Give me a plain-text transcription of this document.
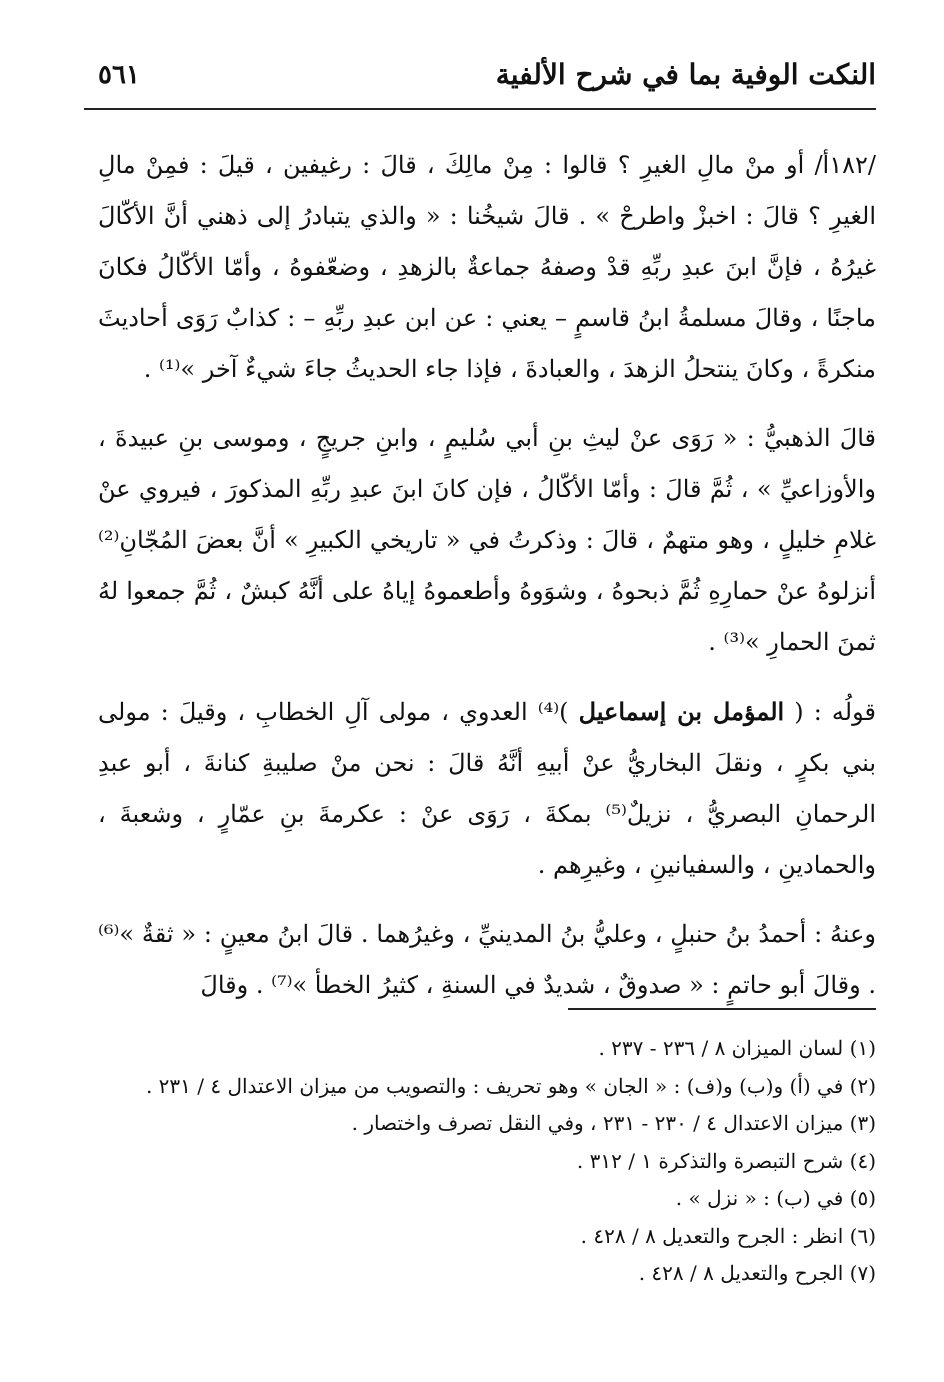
النكت الوفية بما في شرح الألفية
٥٦١

/١٨٢أ/ أو منْ مالِ الغيرِ ؟ قالوا : مِنْ مالِكَ ، قالَ : رغيفين ، قيلَ : فمِنْ مالِ الغيرِ ؟ قالَ : اخبزْ واطرحْ » . قالَ شيخُنا : « والذي يتبادرُ إلى ذهني أنَّ الأكّالَ غيرُهُ ، فإنَّ ابنَ عبدِ ربِّهِ قدْ وصفهُ جماعةٌ بالزهدِ ، وضعّفوهُ ، وأمّا الأكّالُ فكانَ ماجنًا ، وقالَ مسلمةُ ابنُ قاسمٍ – يعني : عن ابن عبدِ ربِّهِ – : كذابٌ رَوَى أحاديثَ منكرةً ، وكانَ ينتحلُ الزهدَ ، والعبادةَ ، فإذا جاء الحديثُ جاءَ شيءٌ آخر »⁽¹⁾ .

قالَ الذهبيُّ : « رَوَى عنْ ليثِ بنِ أبي سُليمٍ ، وابنِ جريجٍ ، وموسى بنِ عبيدةَ ، والأوزاعيِّ » ، ثُمَّ قالَ : وأمّا الأكّالُ ، فإن كانَ ابنَ عبدِ ربِّهِ المذكورَ ، فيروي عنْ غلامِ خليلٍ ، وهو متهمٌ ، قالَ : وذكرتُ في « تاريخي الكبيرِ » أنَّ بعضَ المُجّانِ⁽²⁾ أنزلوهُ عنْ حمارِهِ ثُمَّ ذبحوهُ ، وشوَوهُ وأطعموهُ إياهُ على أنَّهُ كبشٌ ، ثُمَّ جمعوا لهُ ثمنَ الحمارِ »⁽³⁾ .

قولُه : ( المؤمل بن إسماعيل )⁽⁴⁾ العدوي ، مولى آلِ الخطابِ ، وقيلَ : مولى بني بكرٍ ، ونقلَ البخاريُّ عنْ أبيهِ أنَّهُ قالَ : نحن منْ صليبةِ كنانةَ ، أبو عبدِ الرحمانِ البصريُّ ، نزيلٌ⁽⁵⁾ بمكةَ ، رَوَى عنْ : عكرمةَ بنِ عمّارٍ ، وشعبةَ ، والحمادينِ ، والسفيانينِ ، وغيرِهم .

وعنهُ : أحمدُ بنُ حنبلٍ ، وعليُّ بنُ المدينيِّ ، وغيرُهما . قالَ ابنُ معينٍ : « ثقةٌ »⁽⁶⁾ . وقالَ أبو حاتمٍ : « صدوقٌ ، شديدٌ في السنةِ ، كثيرُ الخطأ »⁽⁷⁾ . وقالَ

(١) لسان الميزان ٨ / ٢٣٦ - ٢٣٧ .
(٢) في (أ) و(ب) و(ف) : « الجان » وهو تحريف : والتصويب من ميزان الاعتدال ٤ / ٢٣١ .
(٣) ميزان الاعتدال ٤ / ٢٣٠ - ٢٣١ ، وفي النقل تصرف واختصار .
(٤) شرح التبصرة والتذكرة ١ / ٣١٢ .
(٥) في (ب) : « نزل » .
(٦) انظر : الجرح والتعديل ٨ / ٤٢٨ .
(٧) الجرح والتعديل ٨ / ٤٢٨ .
